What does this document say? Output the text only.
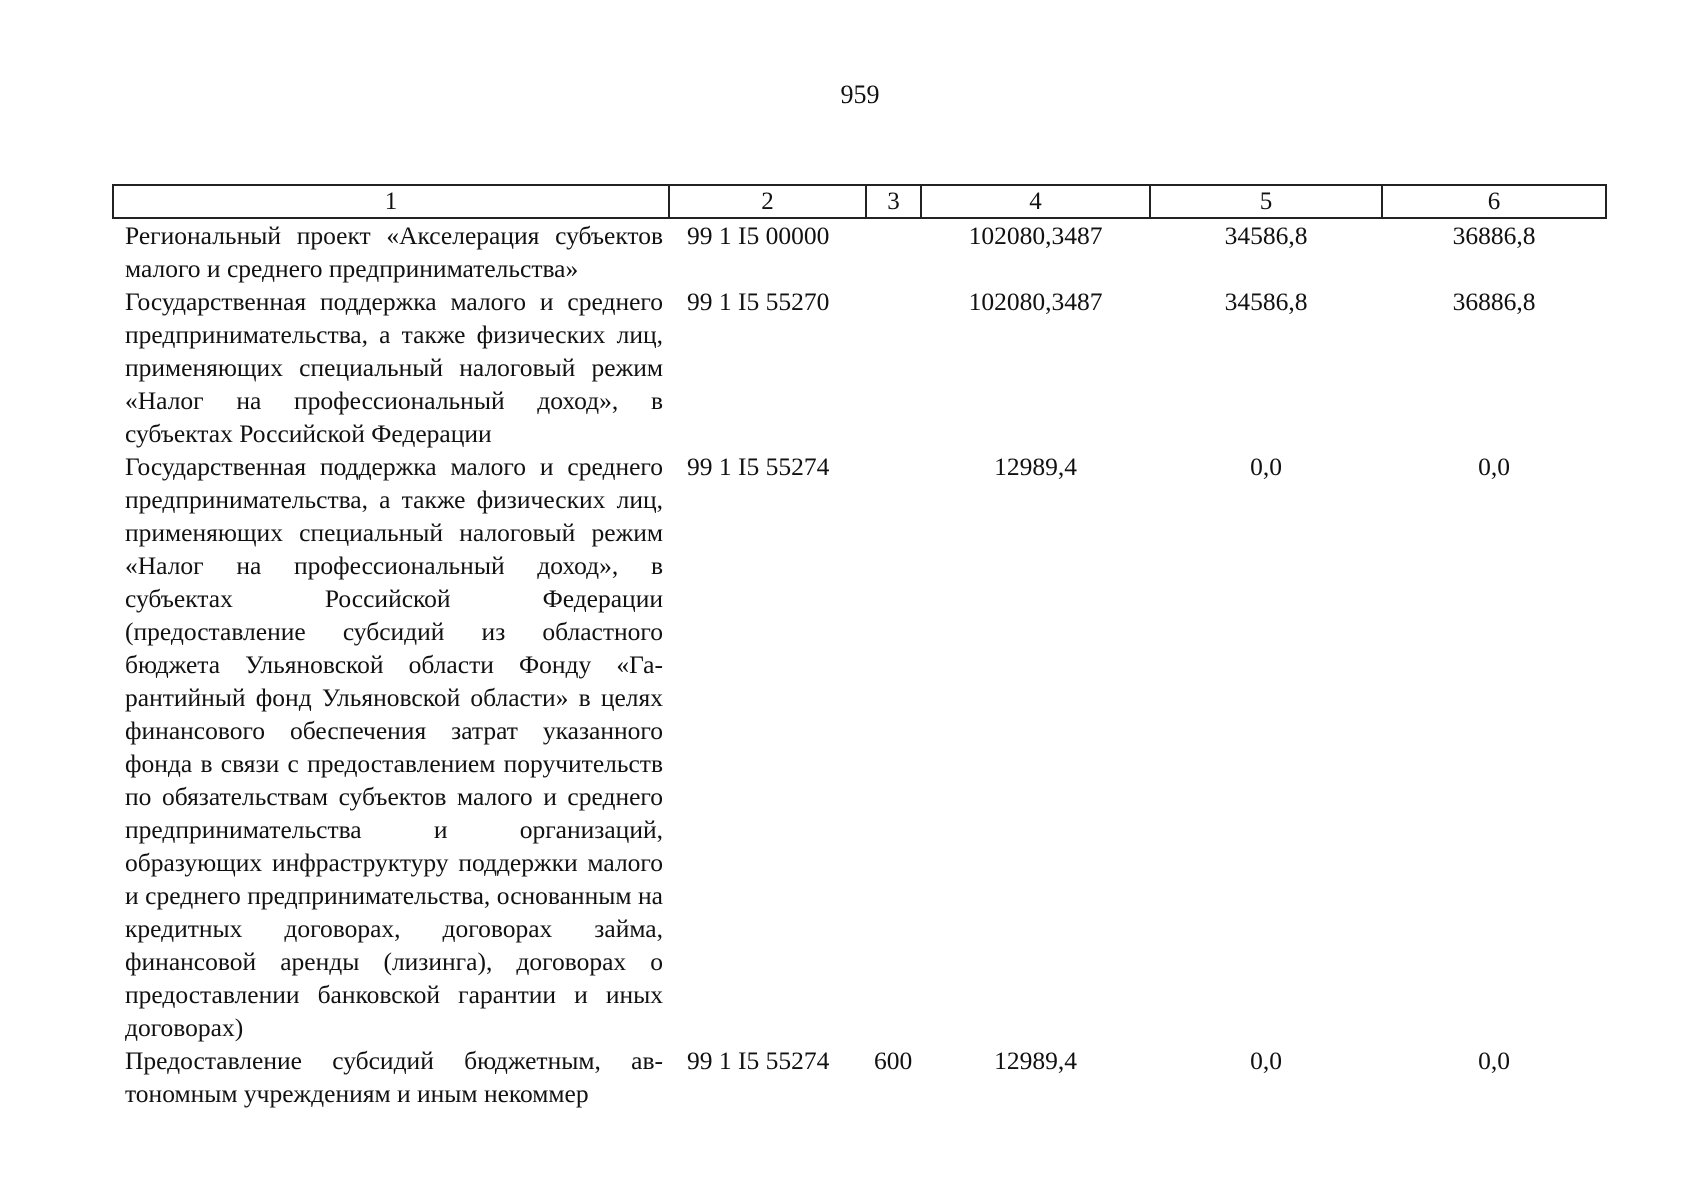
959
1	2	3	4	5	6
Региональный проект «Акселерация субъектов малого и среднего предпринимательства»	99 1 I5 00000		102080,3487	34586,8	36886,8
Государственная поддержка малого и среднего предпринимательства, а также физических лиц, применяющих специальный налоговый режим «Налог на профессиональный доход», в субъектах Российской Федерации	99 1 I5 55270		102080,3487	34586,8	36886,8
Государственная поддержка малого и среднего предпринимательства, а также физических лиц, применяющих специальный налоговый режим «Налог на профессиональный доход», в субъектах Российской Федерации (предоставление субсидий из областного бюджета Ульяновской области Фонду «Гарантийный фонд Ульяновской области» в целях финансового обеспечения затрат указанного фонда в связи с предоставлением поручительств по обязательствам субъектов малого и среднего предпринимательства и организаций, образующих инфраструктуру поддержки малого и среднего предпринимательства, основанным на кредитных договорах, договорах займа, финансовой аренды (лизинга), договорах о предоставлении банковской гарантии и иных договорах)	99 1 I5 55274		12989,4	0,0	0,0
Предоставление субсидий бюджетным, автономным учреждениям и иным некоммер	99 1 I5 55274	600	12989,4	0,0	0,0
